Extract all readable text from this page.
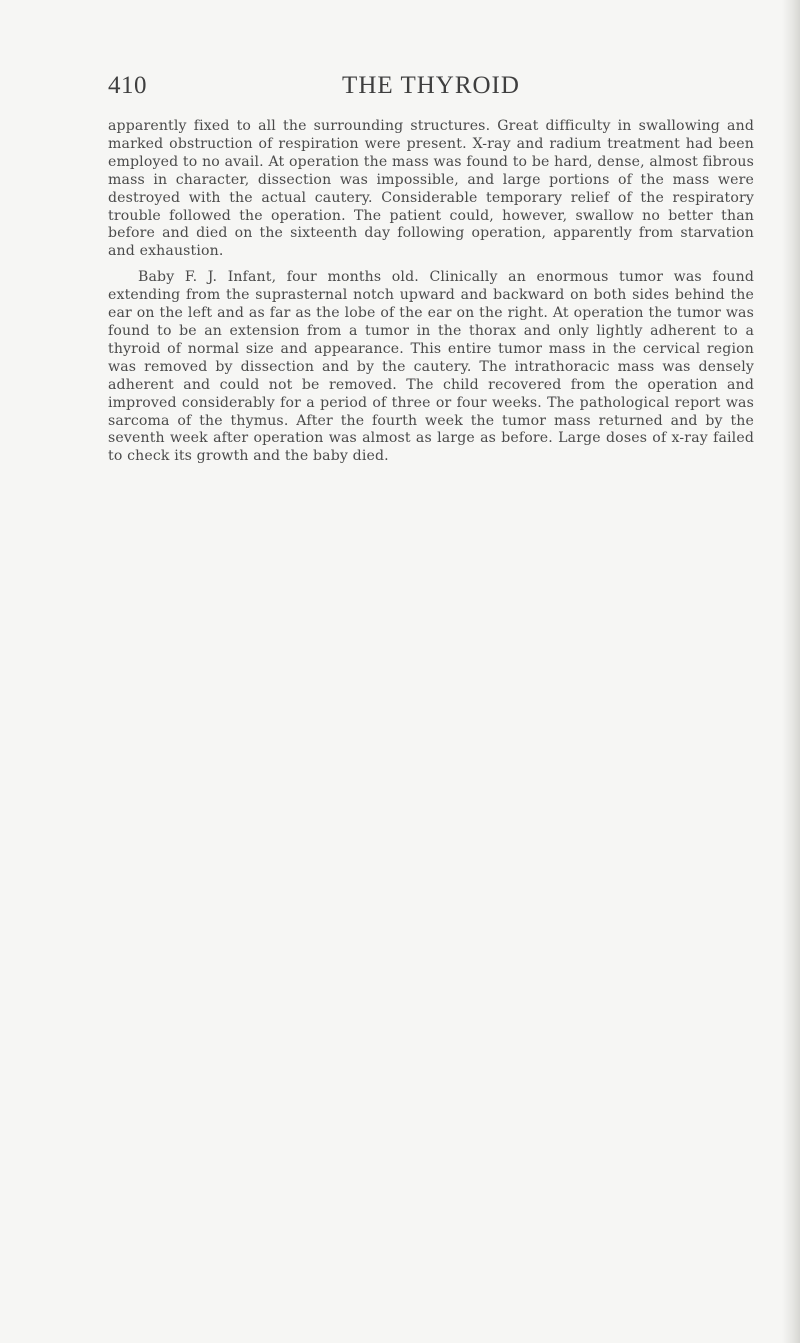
410	THE THYROID

apparently fixed to all the surrounding structures. Great difficulty in swallowing and marked obstruction of respiration were present. X-ray and radium treatment had been employed to no avail. At operation the mass was found to be hard, dense, almost fibrous mass in character, dissection was impossible, and large portions of the mass were destroyed with the actual cautery. Considerable temporary relief of the respiratory trouble followed the operation. The patient could, however, swallow no better than before and died on the sixteenth day following operation, apparently from starvation and exhaustion.

Baby F. J. Infant, four months old. Clinically an enormous tumor was found extending from the suprasternal notch upward and backward on both sides behind the ear on the left and as far as the lobe of the ear on the right. At operation the tumor was found to be an extension from a tumor in the thorax and only lightly adherent to a thyroid of normal size and appearance. This entire tumor mass in the cervical region was removed by dissection and by the cautery. The intrathoracic mass was densely adherent and could not be removed. The child recovered from the operation and improved considerably for a period of three or four weeks. The pathological report was sarcoma of the thymus. After the fourth week the tumor mass returned and by the seventh week after operation was almost as large as before. Large doses of x-ray failed to check its growth and the baby died.
